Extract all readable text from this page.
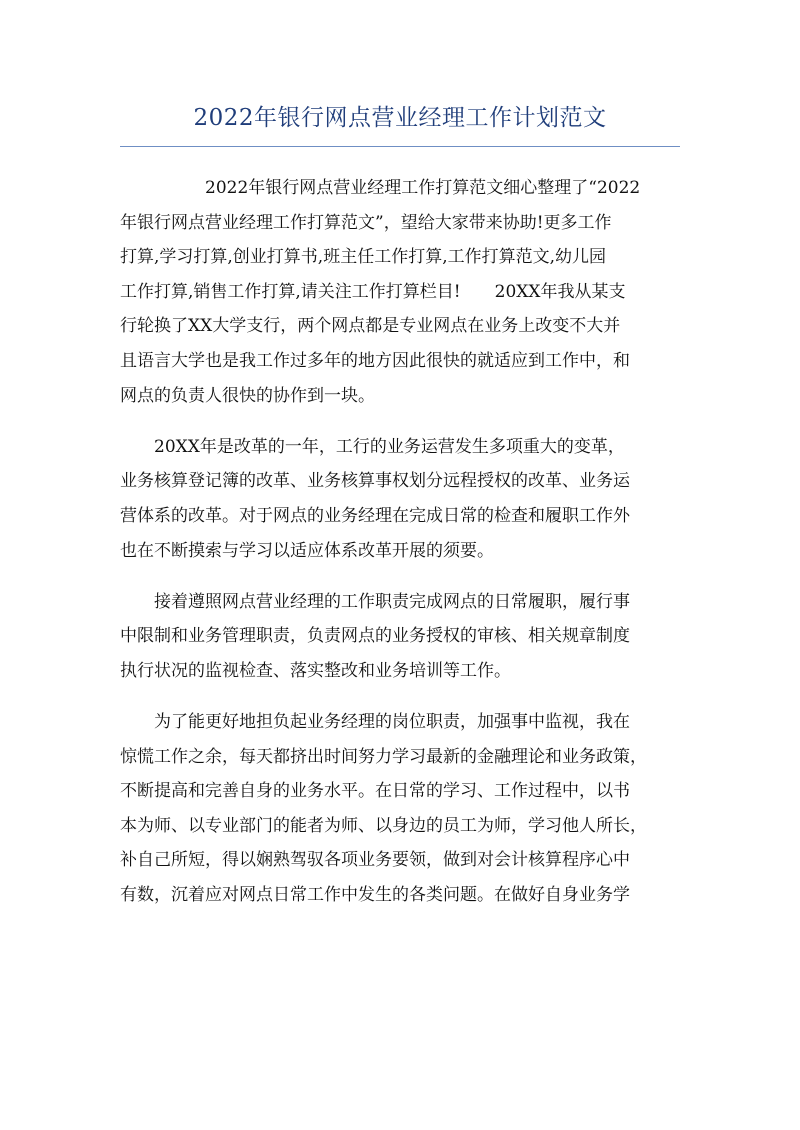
2022年银行网点营业经理工作计划范文
　　　　　2022年银行网点营业经理工作打算范文细心整理了“2022
年银行网点营业经理工作打算范文”，望给大家带来协助!更多工作
打算,学习打算,创业打算书,班主任工作打算,工作打算范文,幼儿园
工作打算,销售工作打算,请关注工作打算栏目!　　20XX年我从某支
行轮换了XX大学支行，两个网点都是专业网点在业务上改变不大并
且语言大学也是我工作过多年的地方因此很快的就适应到工作中，和
网点的负责人很快的协作到一块。
　　20XX年是改革的一年，工行的业务运营发生多项重大的变革，
业务核算登记簿的改革、业务核算事权划分远程授权的改革、业务运
营体系的改革。对于网点的业务经理在完成日常的检查和履职工作外
也在不断摸索与学习以适应体系改革开展的须要。
　　接着遵照网点营业经理的工作职责完成网点的日常履职，履行事
中限制和业务管理职责，负责网点的业务授权的审核、相关规章制度
执行状况的监视检查、落实整改和业务培训等工作。
　　为了能更好地担负起业务经理的岗位职责，加强事中监视，我在
惊慌工作之余，每天都挤出时间努力学习最新的金融理论和业务政策，
不断提高和完善自身的业务水平。在日常的学习、工作过程中，以书
本为师、以专业部门的能者为师、以身边的员工为师，学习他人所长，
补自己所短，得以娴熟驾驭各项业务要领，做到对会计核算程序心中
有数，沉着应对网点日常工作中发生的各类问题。在做好自身业务学
